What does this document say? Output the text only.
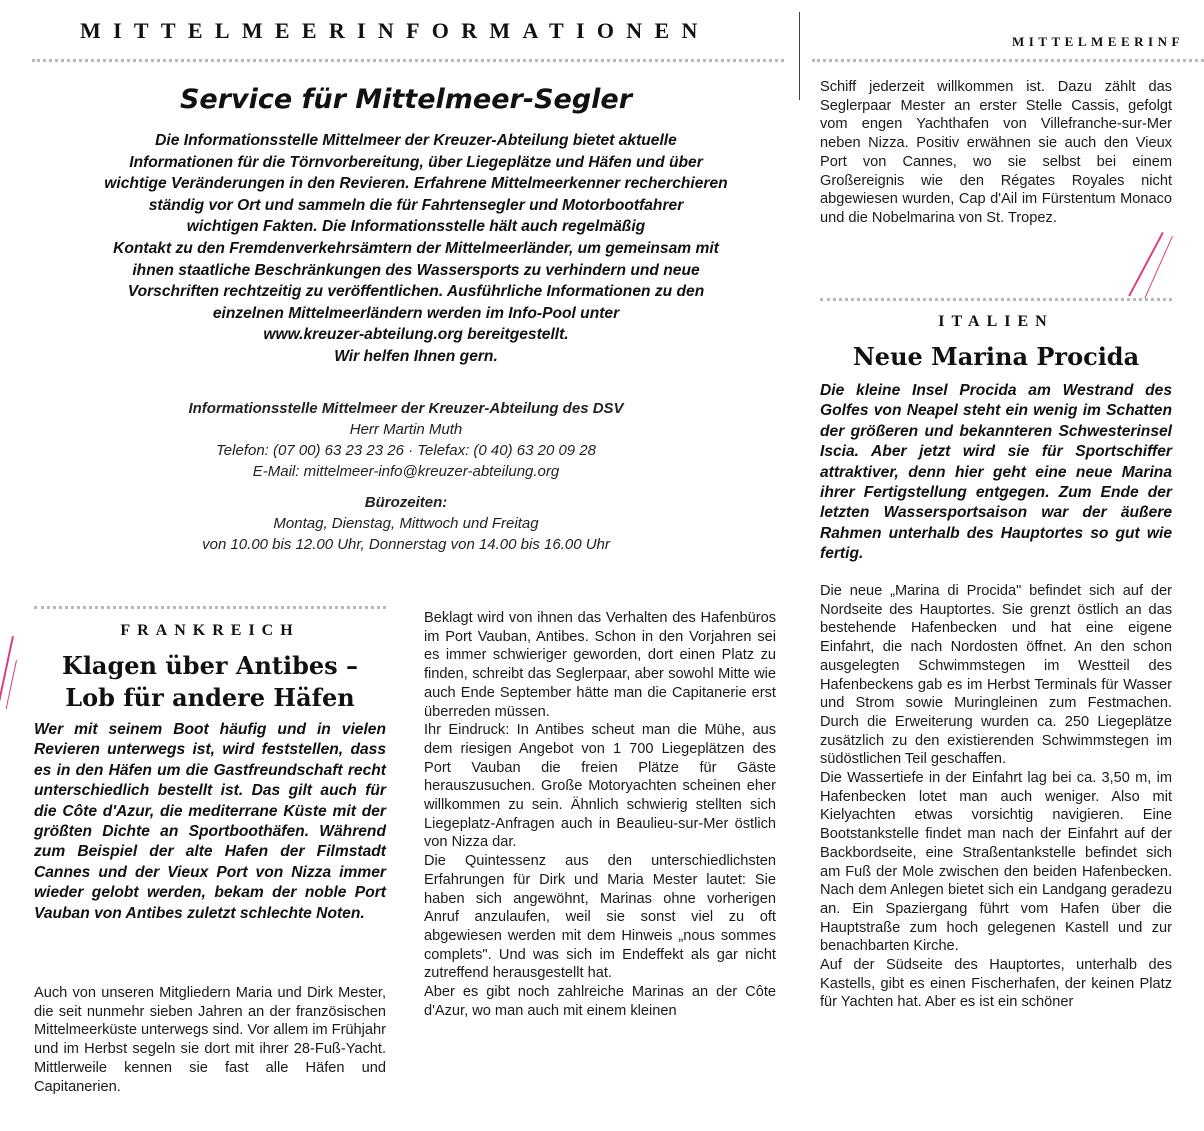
MITTELMEERINFORMATIONEN	MITTELMEERINF
Service für Mittelmeer-Segler
Die Informationsstelle Mittelmeer der Kreuzer-Abteilung bietet aktuelle
Informationen für die Törnvorbereitung, über Liegeplätze und Häfen und über
wichtige Veränderungen in den Revieren. Erfahrene Mittelmeerkenner recherchieren
ständig vor Ort und sammeln die für Fahrtensegler und Motorbootfahrer
wichtigen Fakten. Die Informationsstelle hält auch regelmäßig
Kontakt zu den Fremdenverkehrsämtern der Mittelmeerländer, um gemeinsam mit
ihnen staatliche Beschränkungen des Wassersports zu verhindern und neue
Vorschriften rechtzeitig zu veröffentlichen. Ausführliche Informationen zu den
einzelnen Mittelmeerländern werden im Info-Pool unter
www.kreuzer-abteilung.org bereitgestellt.
Wir helfen Ihnen gern.
Informationsstelle Mittelmeer der Kreuzer-Abteilung des DSV
Herr Martin Muth
Telefon: (07 00) 63 23 23 26 · Telefax: (0 40) 63 20 09 28
E-Mail: mittelmeer-info@kreuzer-abteilung.org
Bürozeiten:
Montag, Dienstag, Mittwoch und Freitag
von 10.00 bis 12.00 Uhr, Donnerstag von 14.00 bis 16.00 Uhr
FRANKREICH
Klagen über Antibes –
Lob für andere Häfen
Wer mit seinem Boot häufig und in vielen Revieren unterwegs ist, wird feststellen, dass es in den Häfen um die Gastfreundschaft recht unterschiedlich bestellt ist. Das gilt auch für die Côte d'Azur, die mediterrane Küste mit der größten Dichte an Sportboothäfen. Während zum Beispiel der alte Hafen der Filmstadt Cannes und der Vieux Port von Nizza immer wieder gelobt werden, bekam der noble Port Vauban von Antibes zuletzt schlechte Noten.
Auch von unseren Mitgliedern Maria und Dirk Mester, die seit nunmehr sieben Jahren an der französischen Mittelmeerküste unterwegs sind. Vor allem im Frühjahr und im Herbst segeln sie dort mit ihrer 28-Fuß-Yacht. Mittlerweile kennen sie fast alle Häfen und Capitanerien.

Beklagt wird von ihnen das Verhalten des Hafenbüros im Port Vauban, Antibes. Schon in den Vorjahren sei es immer schwieriger geworden, dort einen Platz zu finden, schreibt das Seglerpaar, aber sowohl Mitte wie auch Ende September hätte man die Capitanerie erst überreden müssen.

Ihr Eindruck: In Antibes scheut man die Mühe, aus dem riesigen Angebot von 1 700 Liegeplätzen des Port Vauban die freien Plätze für Gäste herauszusuchen. Große Motoryachten scheinen eher willkommen zu sein. Ähnlich schwierig stellten sich Liegeplatz-Anfragen auch in Beaulieu-sur-Mer östlich von Nizza dar.

Die Quintessenz aus den unterschiedlichsten Erfahrungen für Dirk und Maria Mester lautet: Sie haben sich angewöhnt, Marinas ohne vorherigen Anruf anzulaufen, weil sie sonst viel zu oft abgewiesen werden mit dem Hinweis „nous sommes complets". Und was sich im Endeffekt als gar nicht zutreffend herausgestellt hat.

Aber es gibt noch zahlreiche Marinas an der Côte d'Azur, wo man auch mit einem kleinen

Schiff jederzeit willkommen ist. Dazu zählt das Seglerpaar Mester an erster Stelle Cassis, gefolgt vom engen Yachthafen von Villefranche-sur-Mer neben Nizza. Positiv erwähnen sie auch den Vieux Port von Cannes, wo sie selbst bei einem Großereignis wie den Régates Royales nicht abgewiesen wurden, Cap d'Ail im Fürstentum Monaco und die Nobelmarina von St. Tropez.
ITALIEN
Neue Marina Procida
Die kleine Insel Procida am Westrand des Golfes von Neapel steht ein wenig im Schatten der größeren und bekannteren Schwesterinsel Iscia. Aber jetzt wird sie für Sportschiffer attraktiver, denn hier geht eine neue Marina ihrer Fertigstellung entgegen. Zum Ende der letzten Wassersportsaison war der äußere Rahmen unterhalb des Hauptortes so gut wie fertig.

Die neue „Marina di Procida" befindet sich auf der Nordseite des Hauptortes. Sie grenzt östlich an das bestehende Hafenbecken und hat eine eigene Einfahrt, die nach Nordosten öffnet. An den schon ausgelegten Schwimmstegen im Westteil des Hafenbeckens gab es im Herbst Terminals für Wasser und Strom sowie Muringleinen zum Festmachen. Durch die Erweiterung wurden ca. 250 Liegeplätze zusätzlich zu den existierenden Schwimmstegen im südöstlichen Teil geschaffen.

Die Wassertiefe in der Einfahrt lag bei ca. 3,50 m, im Hafenbecken lotet man auch weniger. Also mit Kielyachten etwas vorsichtig navigieren. Eine Bootstankstelle findet man nach der Einfahrt auf der Backbordseite, eine Straßentankstelle befindet sich am Fuß der Mole zwischen den beiden Hafenbecken. Nach dem Anlegen bietet sich ein Landgang geradezu an. Ein Spaziergang führt vom Hafen über die Hauptstraße zum hoch gelegenen Kastell und zur benachbarten Kirche.

Auf der Südseite des Hauptortes, unterhalb des Kastells, gibt es einen Fischerhafen, der keinen Platz für Yachten hat. Aber es ist ein schöner
